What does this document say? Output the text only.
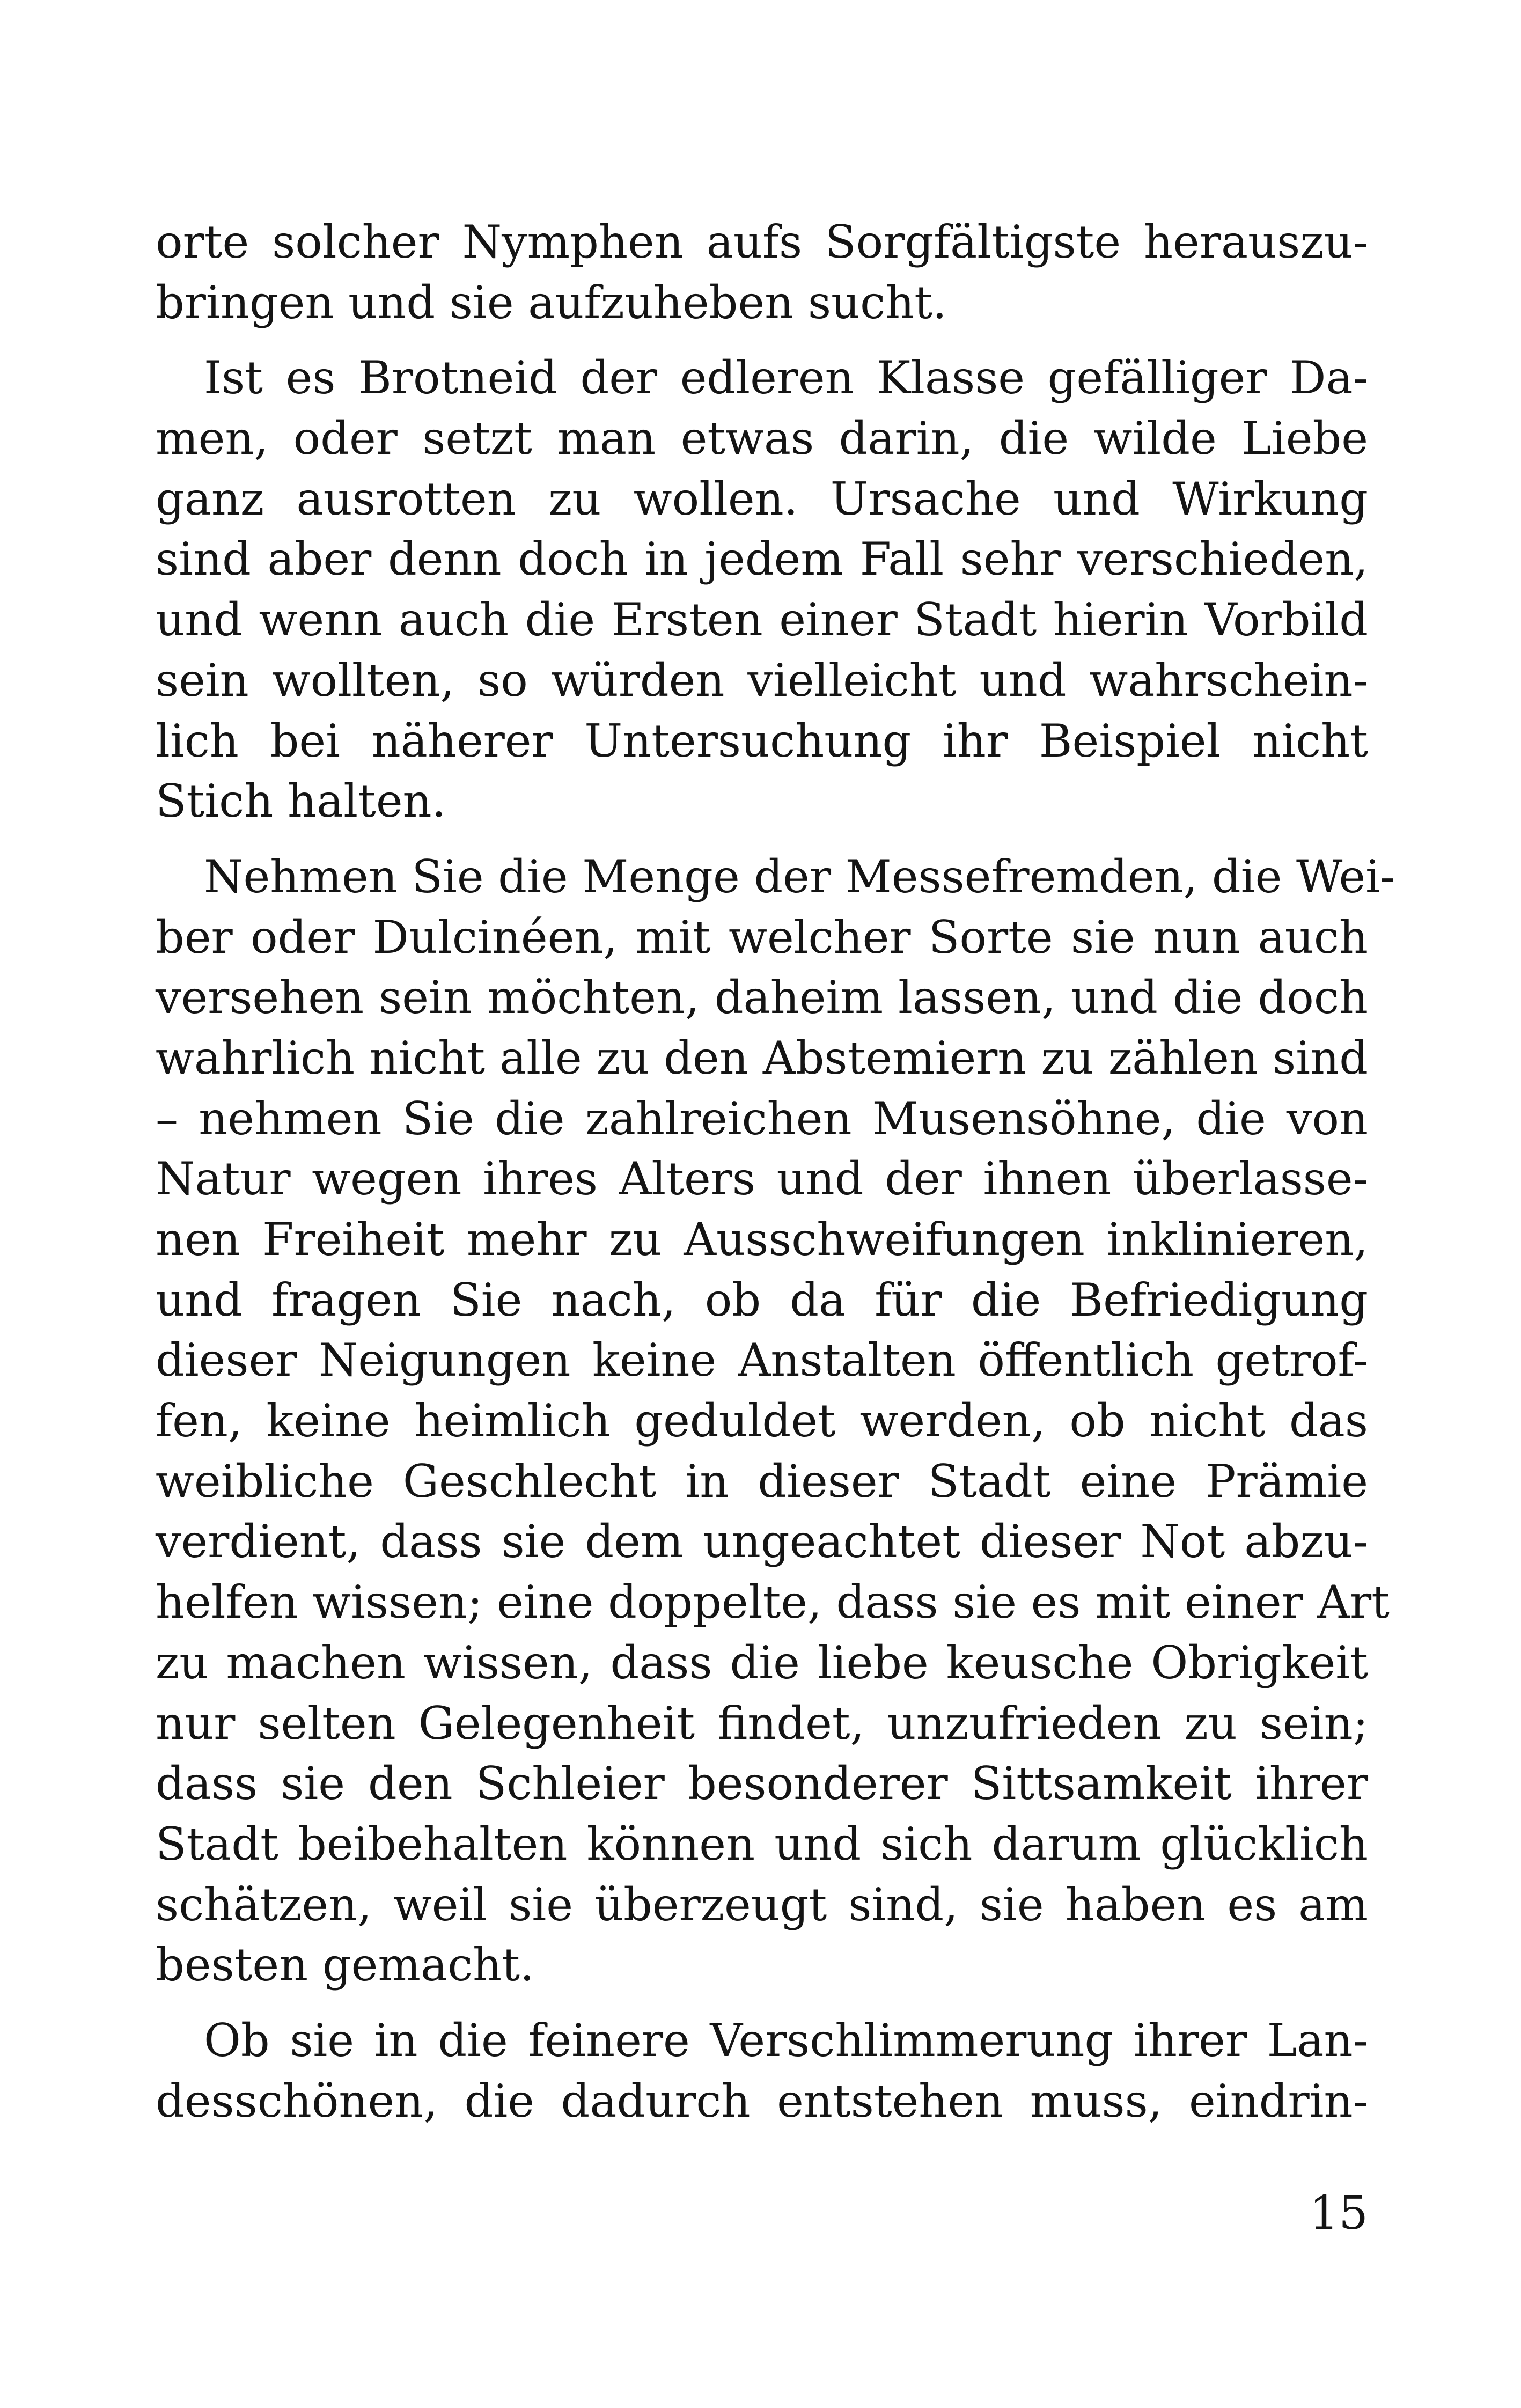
orte solcher Nymphen aufs Sorgfältigste herauszu-
bringen und sie aufzuheben sucht.
Ist es Brotneid der edleren Klasse gefälliger Da-
men, oder setzt man etwas darin, die wilde Liebe
ganz ausrotten zu wollen. Ursache und Wirkung
sind aber denn doch in jedem Fall sehr verschieden,
und wenn auch die Ersten einer Stadt hierin Vorbild
sein wollten, so würden vielleicht und wahrschein-
lich bei näherer Untersuchung ihr Beispiel nicht
Stich halten.
Nehmen Sie die Menge der Messefremden, die Wei-
ber oder Dulcinéen, mit welcher Sorte sie nun auch
versehen sein möchten, daheim lassen, und die doch
wahrlich nicht alle zu den Abstemiern zu zählen sind
– nehmen Sie die zahlreichen Musensöhne, die von
Natur wegen ihres Alters und der ihnen überlasse-
nen Freiheit mehr zu Ausschweifungen inklinieren,
und fragen Sie nach, ob da für die Befriedigung
dieser Neigungen keine Anstalten öffentlich getrof-
fen, keine heimlich geduldet werden, ob nicht das
weibliche Geschlecht in dieser Stadt eine Prämie
verdient, dass sie dem ungeachtet dieser Not abzu-
helfen wissen; eine doppelte, dass sie es mit einer Art
zu machen wissen, dass die liebe keusche Obrigkeit
nur selten Gelegenheit findet, unzufrieden zu sein;
dass sie den Schleier besonderer Sittsamkeit ihrer
Stadt beibehalten können und sich darum glücklich
schätzen, weil sie überzeugt sind, sie haben es am
besten gemacht.
Ob sie in die feinere Verschlimmerung ihrer Lan-
desschönen, die dadurch entstehen muss, eindrin-
15
